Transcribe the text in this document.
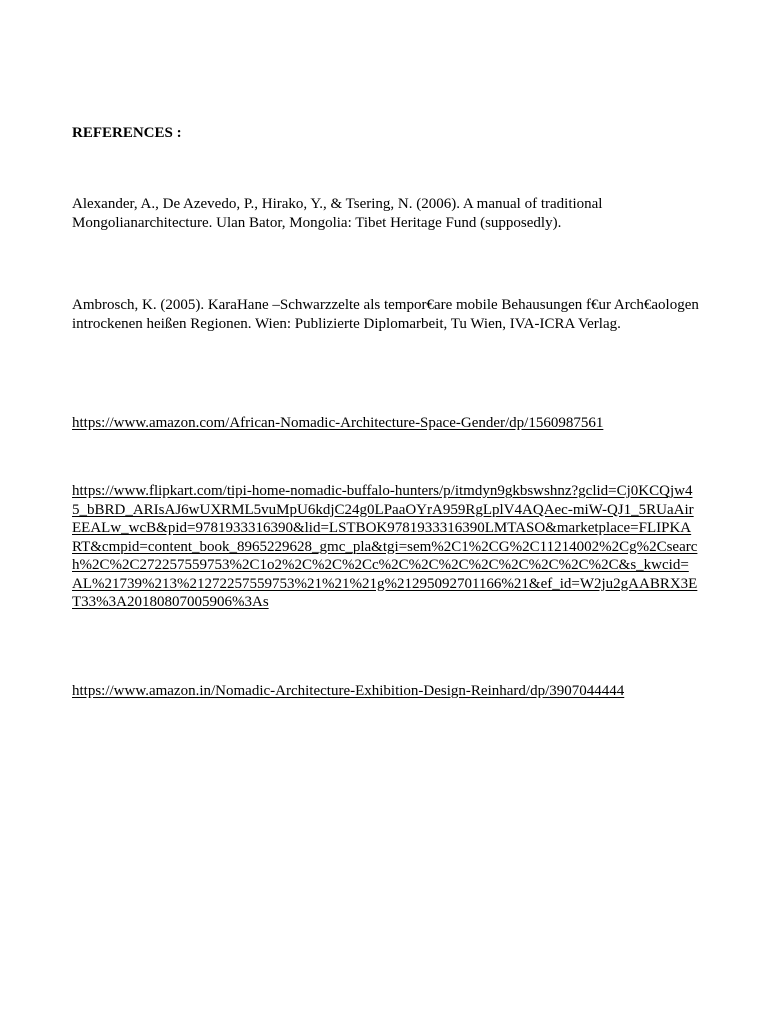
REFERENCES :

Alexander, A., De Azevedo, P., Hirako, Y., & Tsering, N. (2006). A manual of traditional Mongolianarchitecture. Ulan Bator, Mongolia: Tibet Heritage Fund (supposedly).

Ambrosch, K. (2005). KaraHane –Schwarzzelte als tempor€are mobile Behausungen f€ur Arch€aologen introckenen heißen Regionen. Wien: Publizierte Diplomarbeit, Tu Wien, IVA-ICRA Verlag.

https://www.amazon.com/African-Nomadic-Architecture-Space-Gender/dp/1560987561
https://www.flipkart.com/tipi-home-nomadic-buffalo-hunters/p/itmdyn9gkbswshnz?gclid=Cj0KCQjw45_bBRD_ARIsAJ6wUXRML5vuMpU6kdjC24g0LPaaOYrA959RgLplV4AQAec-miW-QJ1_5RUaAirEEALw_wcB&pid=9781933316390&lid=LSTBOK9781933316390LMTASO&marketplace=FLIPKART&cmpid=content_book_8965229628_gmc_pla&tgi=sem%2C1%2CG%2C11214002%2Cg%2Csearch%2C%2C272257559753%2C1o2%2C%2C%2Cc%2C%2C%2C%2C%2C%2C%2C%2C&s_kwcid=AL%21739%213%21272257559753%21%21%21g%21295092701166%21&ef_id=W2ju2gAABRX3ET33%3A20180807005906%3As
https://www.amazon.in/Nomadic-Architecture-Exhibition-Design-Reinhard/dp/3907044444
